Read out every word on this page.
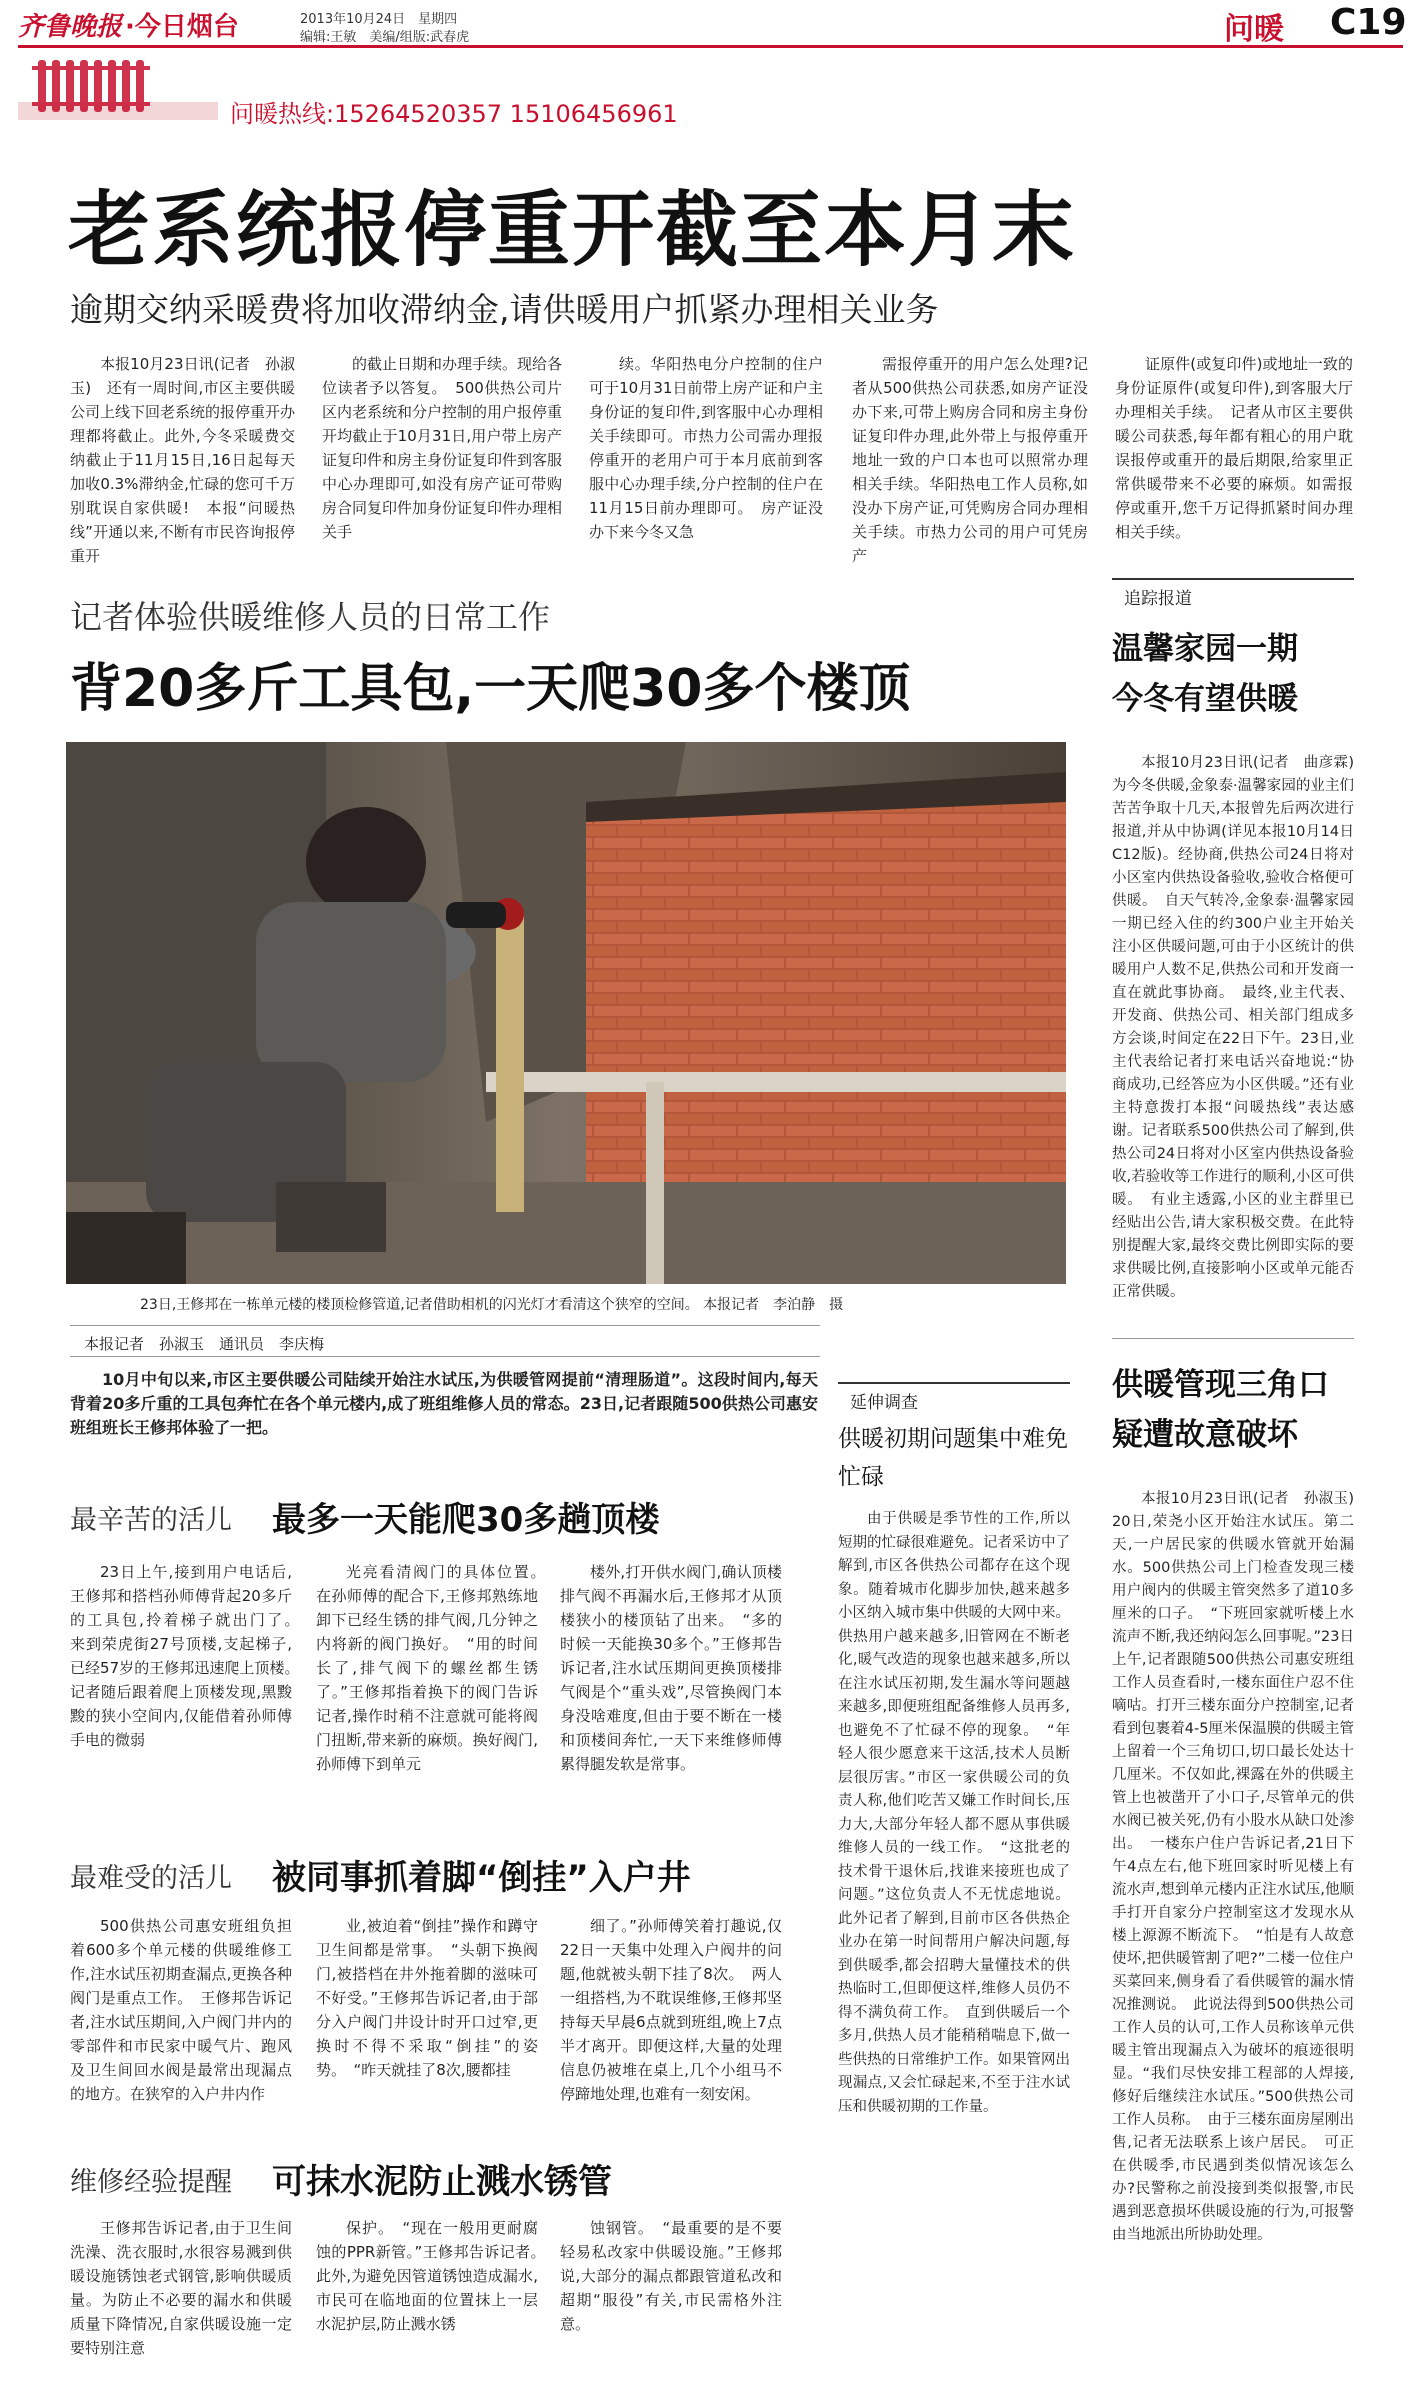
齐鲁晚报 ·今日烟台	2013年10月24日　星期四
编辑:王敏　美编/组版:武春虎	问暖 C19
问暖热线:15264520357 15106456961
老系统报停重开截至本月末
逾期交纳采暖费将加收滞纳金,请供暖用户抓紧办理相关业务

本报10月23日讯(记者　孙淑玉)　还有一周时间,市区主要供暖公司上线下回老系统的报停重开办理都将截止。此外,今冬采暖费交纳截止于11月15日,16日起每天加收0.3%滞纳金,忙碌的您可千万别耽误自家供暖!　本报“问暖热线”开通以来,不断有市民咨询报停重开

的截止日期和办理手续。现给各位读者予以答复。　500供热公司片区内老系统和分户控制的用户报停重开均截止于10月31日,用户带上房产证复印件和房主身份证复印件到客服中心办理即可,如没有房产证可带购房合同复印件加身份证复印件办理相关手

续。华阳热电分户控制的住户可于10月31日前带上房产证和户主身份证的复印件,到客服中心办理相关手续即可。市热力公司需办理报停重开的老用户可于本月底前到客服中心办理手续,分户控制的住户在11月15日前办理即可。　房产证没办下来今冬又急

需报停重开的用户怎么处理?记者从500供热公司获悉,如房产证没办下来,可带上购房合同和房主身份证复印件办理,此外带上与报停重开地址一致的户口本也可以照常办理相关手续。华阳热电工作人员称,如没办下房产证,可凭购房合同办理相关手续。市热力公司的用户可凭房产

证原件(或复印件)或地址一致的身份证原件(或复印件),到客服大厅办理相关手续。　记者从市区主要供暖公司获悉,每年都有粗心的用户耽误报停或重开的最后期限,给家里正常供暖带来不必要的麻烦。如需报停或重开,您千万记得抓紧时间办理相关手续。

记者体验供暖维修人员的日常工作
背20多斤工具包,一天爬30多个楼顶
23日,王修邦在一栋单元楼的楼顶检修管道,记者借助相机的闪光灯才看清这个狭窄的空间。 本报记者　李泊静　摄
本报记者　孙淑玉　通讯员　李庆梅

10月中旬以来,市区主要供暖公司陆续开始注水试压,为供暖管网提前“清理肠道”。这段时间内,每天背着20多斤重的工具包奔忙在各个单元楼内,成了班组维修人员的常态。23日,记者跟随500供热公司惠安班组班长王修邦体验了一把。

最辛苦的活儿 最多一天能爬30多趟顶楼

23日上午,接到用户电话后,王修邦和搭档孙师傅背起20多斤的工具包,拎着梯子就出门了。　来到荣虎街27号顶楼,支起梯子,已经57岁的王修邦迅速爬上顶楼。　记者随后跟着爬上顶楼发现,黑黢黢的狭小空间内,仅能借着孙师傅手电的微弱

光亮看清阀门的具体位置。　在孙师傅的配合下,王修邦熟练地卸下已经生锈的排气阀,几分钟之内将新的阀门换好。　“用的时间长了,排气阀下的螺丝都生锈了。”王修邦指着换下的阀门告诉记者,操作时稍不注意就可能将阀门扭断,带来新的麻烦。换好阀门,孙师傅下到单元

楼外,打开供水阀门,确认顶楼排气阀不再漏水后,王修邦才从顶楼狭小的楼顶钻了出来。　“多的时候一天能换30多个。”王修邦告诉记者,注水试压期间更换顶楼排气阀是个“重头戏”,尽管换阀门本身没啥难度,但由于要不断在一楼和顶楼间奔忙,一天下来维修师傅累得腿发软是常事。

最难受的活儿 被同事抓着脚“倒挂”入户井

500供热公司惠安班组负担着600多个单元楼的供暖维修工作,注水试压初期查漏点,更换各种阀门是重点工作。　王修邦告诉记者,注水试压期间,入户阀门井内的零部件和市民家中暖气片、跑风及卫生间回水阀是最常出现漏点的地方。在狭窄的入户井内作

业,被迫着“倒挂”操作和蹲守卫生间都是常事。　“头朝下换阀门,被搭档在井外拖着脚的滋味可不好受。”王修邦告诉记者,由于部分入户阀门井设计时开口过窄,更换时不得不采取“倒挂”的姿势。　“昨天就挂了8次,腰都挂

细了。”孙师傅笑着打趣说,仅22日一天集中处理入户阀井的问题,他就被头朝下挂了8次。　两人一组搭档,为不耽误维修,王修邦坚持每天早晨6点就到班组,晚上7点半才离开。即便这样,大量的处理信息仍被堆在桌上,几个小组马不停蹄地处理,也难有一刻安闲。

维修经验提醒 可抹水泥防止溅水锈管

王修邦告诉记者,由于卫生间洗澡、洗衣服时,水很容易溅到供暖设施锈蚀老式钢管,影响供暖质量。为防止不必要的漏水和供暖质量下降情况,自家供暖设施一定要特别注意

保护。　“现在一般用更耐腐蚀的PPR新管。”王修邦告诉记者。　此外,为避免因管道锈蚀造成漏水,市民可在临地面的位置抹上一层水泥护层,防止溅水锈

蚀钢管。　“最重要的是不要轻易私改家中供暖设施。”王修邦说,大部分的漏点都跟管道私改和超期“服役”有关,市民需格外注意。

延伸调查
供暖初期问题集中难免忙碌

由于供暖是季节性的工作,所以短期的忙碌很难避免。记者采访中了解到,市区各供热公司都存在这个现象。随着城市化脚步加快,越来越多小区纳入城市集中供暖的大网中来。供热用户越来越多,旧管网在不断老化,暖气改造的现象也越来越多,所以在注水试压初期,发生漏水等问题越来越多,即便班组配备维修人员再多,也避免不了忙碌不停的现象。　“年轻人很少愿意来干这活,技术人员断层很厉害。”市区一家供暖公司的负责人称,他们吃苦又嫌工作时间长,压力大,大部分年轻人都不愿从事供暖维修人员的一线工作。　“这批老的技术骨干退休后,找谁来接班也成了问题。”这位负责人不无忧虑地说。此外记者了解到,目前市区各供热企业办在第一时间帮用户解决问题,每到供暖季,都会招聘大量懂技术的供热临时工,但即便这样,维修人员仍不得不满负荷工作。　直到供暖后一个多月,供热人员才能稍稍喘息下,做一些供热的日常维护工作。如果管网出现漏点,又会忙碌起来,不至于注水试压和供暖初期的工作量。

追踪报道
温馨家园一期
今冬有望供暖

本报10月23日讯(记者　曲彦霖)　为今冬供暖,金象泰·温馨家园的业主们苦苦争取十几天,本报曾先后两次进行报道,并从中协调(详见本报10月14日C12版)。经协商,供热公司24日将对小区室内供热设备验收,验收合格便可供暖。　自天气转冷,金象泰·温馨家园一期已经入住的约300户业主开始关注小区供暖问题,可由于小区统计的供暖用户人数不足,供热公司和开发商一直在就此事协商。　最终,业主代表、开发商、供热公司、相关部门组成多方会谈,时间定在22日下午。23日,业主代表给记者打来电话兴奋地说:“协商成功,已经答应为小区供暖。”还有业主特意拨打本报“问暖热线”表达感谢。记者联系500供热公司了解到,供热公司24日将对小区室内供热设备验收,若验收等工作进行的顺利,小区可供暖。　有业主透露,小区的业主群里已经贴出公告,请大家积极交费。在此特别提醒大家,最终交费比例即实际的要求供暖比例,直接影响小区或单元能否正常供暖。

供暖管现三角口
疑遭故意破坏

本报10月23日讯(记者　孙淑玉)　20日,荣尧小区开始注水试压。第二天,一户居民家的供暖水管就开始漏水。500供热公司上门检查发现三楼用户阀内的供暖主管突然多了道10多厘米的口子。　“下班回家就听楼上水流声不断,我还纳闷怎么回事呢。”23日上午,记者跟随500供热公司惠安班组工作人员查看时,一楼东面住户忍不住嘀咕。打开三楼东面分户控制室,记者看到包裹着4-5厘米保温膜的供暖主管上留着一个三角切口,切口最长处达十几厘米。不仅如此,裸露在外的供暖主管上也被凿开了小口子,尽管单元的供水阀已被关死,仍有小股水从缺口处渗出。　一楼东户住户告诉记者,21日下午4点左右,他下班回家时听见楼上有流水声,想到单元楼内正注水试压,他顺手打开自家分户控制室这才发现水从楼上源源不断流下。　“怕是有人故意使坏,把供暖管割了吧?”二楼一位住户买菜回来,侧身看了看供暖管的漏水情况推测说。　此说法得到500供热公司工作人员的认可,工作人员称该单元供暖主管出现漏点入为破坏的痕迹很明显。“我们尽快安排工程部的人焊接,修好后继续注水试压。”500供热公司工作人员称。　由于三楼东面房屋刚出售,记者无法联系上该户居民。　可正在供暖季,市民遇到类似情况该怎么办?民警称之前没接到类似报警,市民遇到恶意损坏供暖设施的行为,可报警由当地派出所协助处理。
